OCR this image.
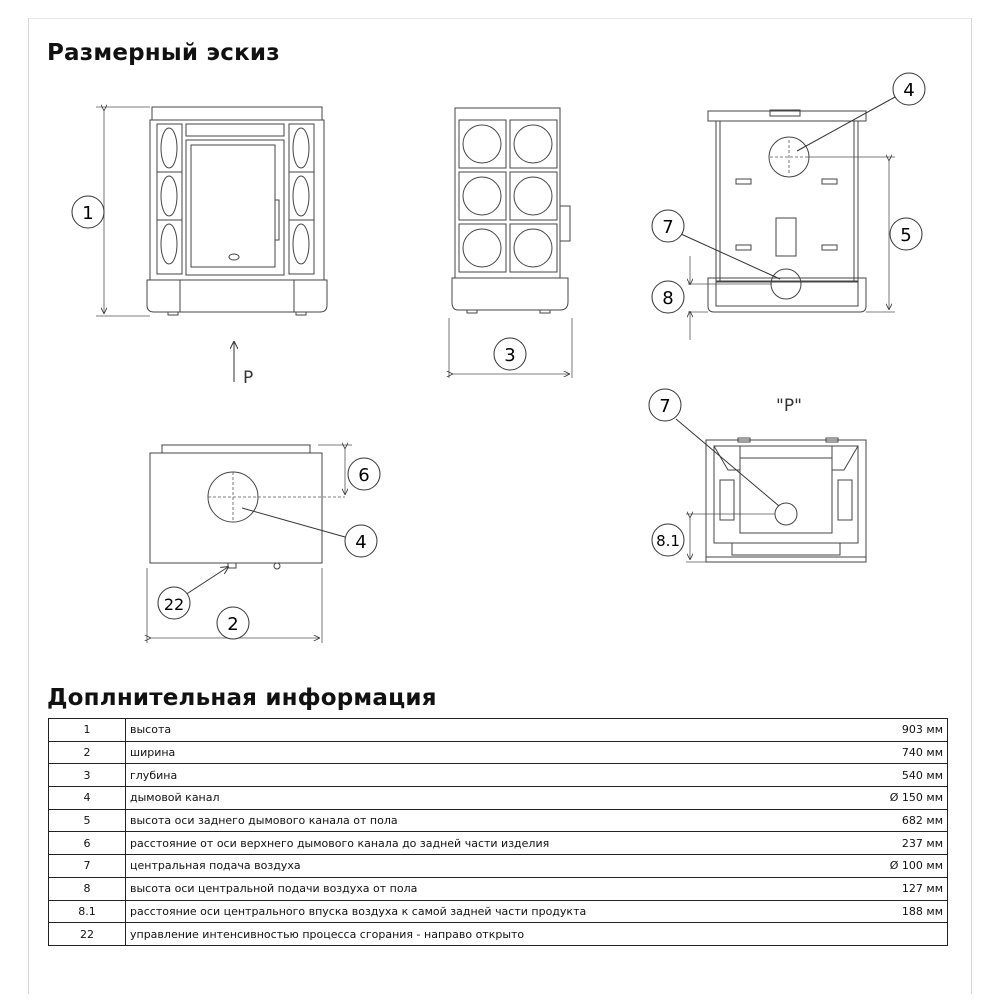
Размерный эскиз
1
P
3
4
5
7
8
6
4
22
2
"P"
7
8.1
Доплнительная информация
1	высота	903 мм
2	ширина	740 мм
3	глубина	540 мм
4	дымовой канал	Ø 150 мм
5	высота оси заднего дымового канала от пола	682 мм
6	расстояние от оси верхнего дымового канала до задней части изделия	237 мм
7	центральная подача воздуха	Ø 100 мм
8	высота оси центральной подачи воздуха от пола	127 мм
8.1	расстояние оси центрального впуска воздуха к самой задней части продукта	188 мм
22	управление интенсивностью процесса сгорания - направо открыто	
